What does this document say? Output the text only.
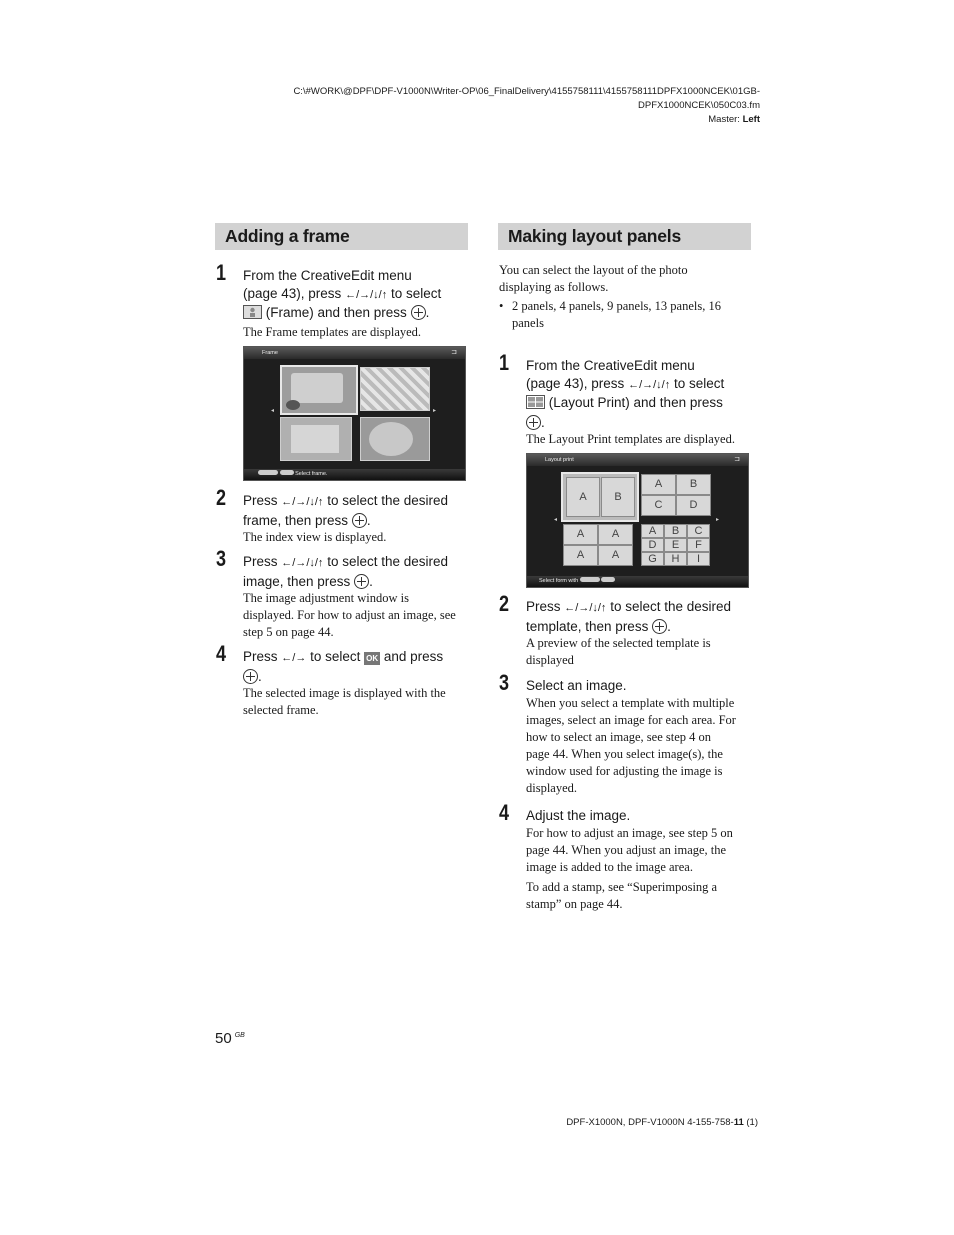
C:\#WORK\@DPF\DPF-V1000N\Writer-OP\06_FinalDelivery\4155758111\4155758111DPFX1000NCEK\01GB-
DPFX1000NCEK\050C03.fm
Master: Left
Adding a frame
1 From the CreativeEdit menu
(page 43), press ←/→/↓/↑ to select
(Frame) and then press .
The Frame templates are displayed.
Frame	⊐
◂	▸
Select frame.
2 Press ←/→/↓/↑ to select the desired
frame, then press .
The index view is displayed.
3 Press ←/→/↓/↑ to select the desired
image, then press .
The image adjustment window is
displayed. For how to adjust an image, see
step 5 on page 44.
4 Press ←/→ to select OK and press
.
The selected image is displayed with the
selected frame.
Making layout panels
You can select the layout of the photo
displaying as follows.
• 2 panels, 4 panels, 9 panels, 13 panels, 16
panels
1 From the CreativeEdit menu
(page 43), press ←/→/↓/↑ to select
(Layout Print) and then press
.
The Layout Print templates are displayed.
Layout print	⊐
A	B
A	B
C	D
A	A
A	A
A	B	C
D	E	F
G	H	I
◂	▸
Select form with
2 Press ←/→/↓/↑ to select the desired
template, then press .
A preview of the selected template is
displayed
3 Select an image.
When you select a template with multiple
images, select an image for each area. For
how to select an image, see step 4 on
page 44. When you select image(s), the
window used for adjusting the image is
displayed.
4 Adjust the image.
For how to adjust an image, see step 5 on
page 44. When you adjust an image, the
image is added to the image area.
To add a stamp, see “Superimposing a
stamp” on page 44.
50 $^{GB}$
DPF-X1000N, DPF-V1000N 4-155-758-11 (1)
